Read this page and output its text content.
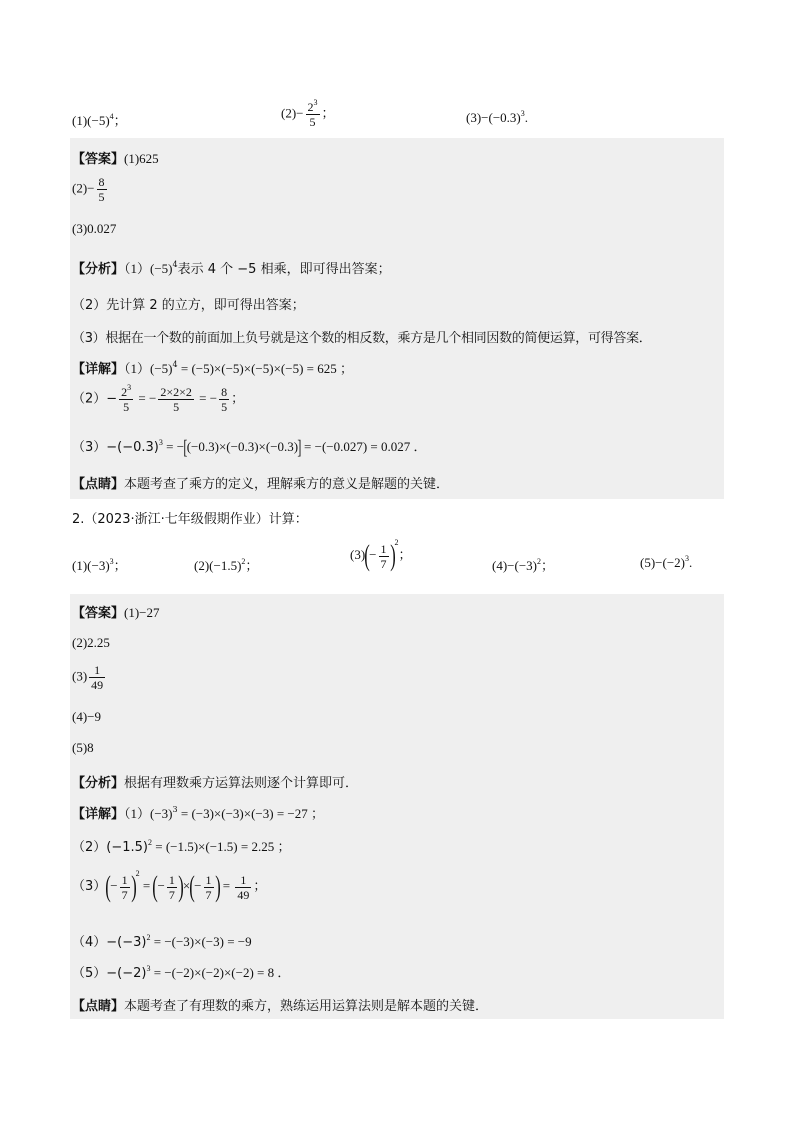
$(1)(-5)^4$；
$(2)- \frac{2^3}{5}$ ；	$(3)-(-0.3)^3$.
【答案】(1)625
$(2)- \frac{8}{5}$
(3)0.027
【分析】$(1)(-5)^4$表示 4 个 −5 相乘，即可得出答案；
（2）先计算 2 的立方，即可得出答案；
（3）根据在一个数的前面加上负号就是这个数的相反数，乘方是几个相同因数的简便运算，可得答案．
【详解】$(1)(-5)^4 = (-5)\times(-5)\times(-5)\times(-5) = 625$ ；
$(2)- \frac{2^3}{5}$ = − $\frac{2\times 2\times 2}{5}$ = − $\frac{8}{5}$ ；
$(3)-(-0.3)^3 = -[(-0.3)\times(-0.3)\times(-0.3)] = -(-0.027) = 0.027$ ．
【点睛】本题考查了乘方的定义，理解乘方的意义是解题的关键．
2.（2023·浙江·七年级假期作业）计算：
$(1)(-3)^3$；	$(2)(-1.5)^2$；
$(3)(- \frac{1}{7} )^2$；
$(4)-(-3)^2$；	$(5)-(-2)^3$.
【答案】(1)−27
(2)2.25
$(3) \frac{1}{49}$
(4)−9
(5)8
【分析】根据有理数乘方运算法则逐个计算即可．
【详解】$(1)(-3)^3 = (-3)\times(-3)\times(-3) = -27$ ；
$(2)(-1.5)^2 = (-1.5)\times(-1.5) = 2.25$ ；
$(3)(- \frac{1}{7} )^2$ = (− $\frac{1}{7}$ )×(− $\frac{1}{7}$ ) = $\frac{1}{49}$ ；
$(4)-(-3)^2 = -(-3)\times(-3) = -9$
$(5)-(-2)^3 = -(-2)\times(-2)\times(-2) = 8$ ．
【点睛】本题考查了有理数的乘方，熟练运用运算法则是解本题的关键．
